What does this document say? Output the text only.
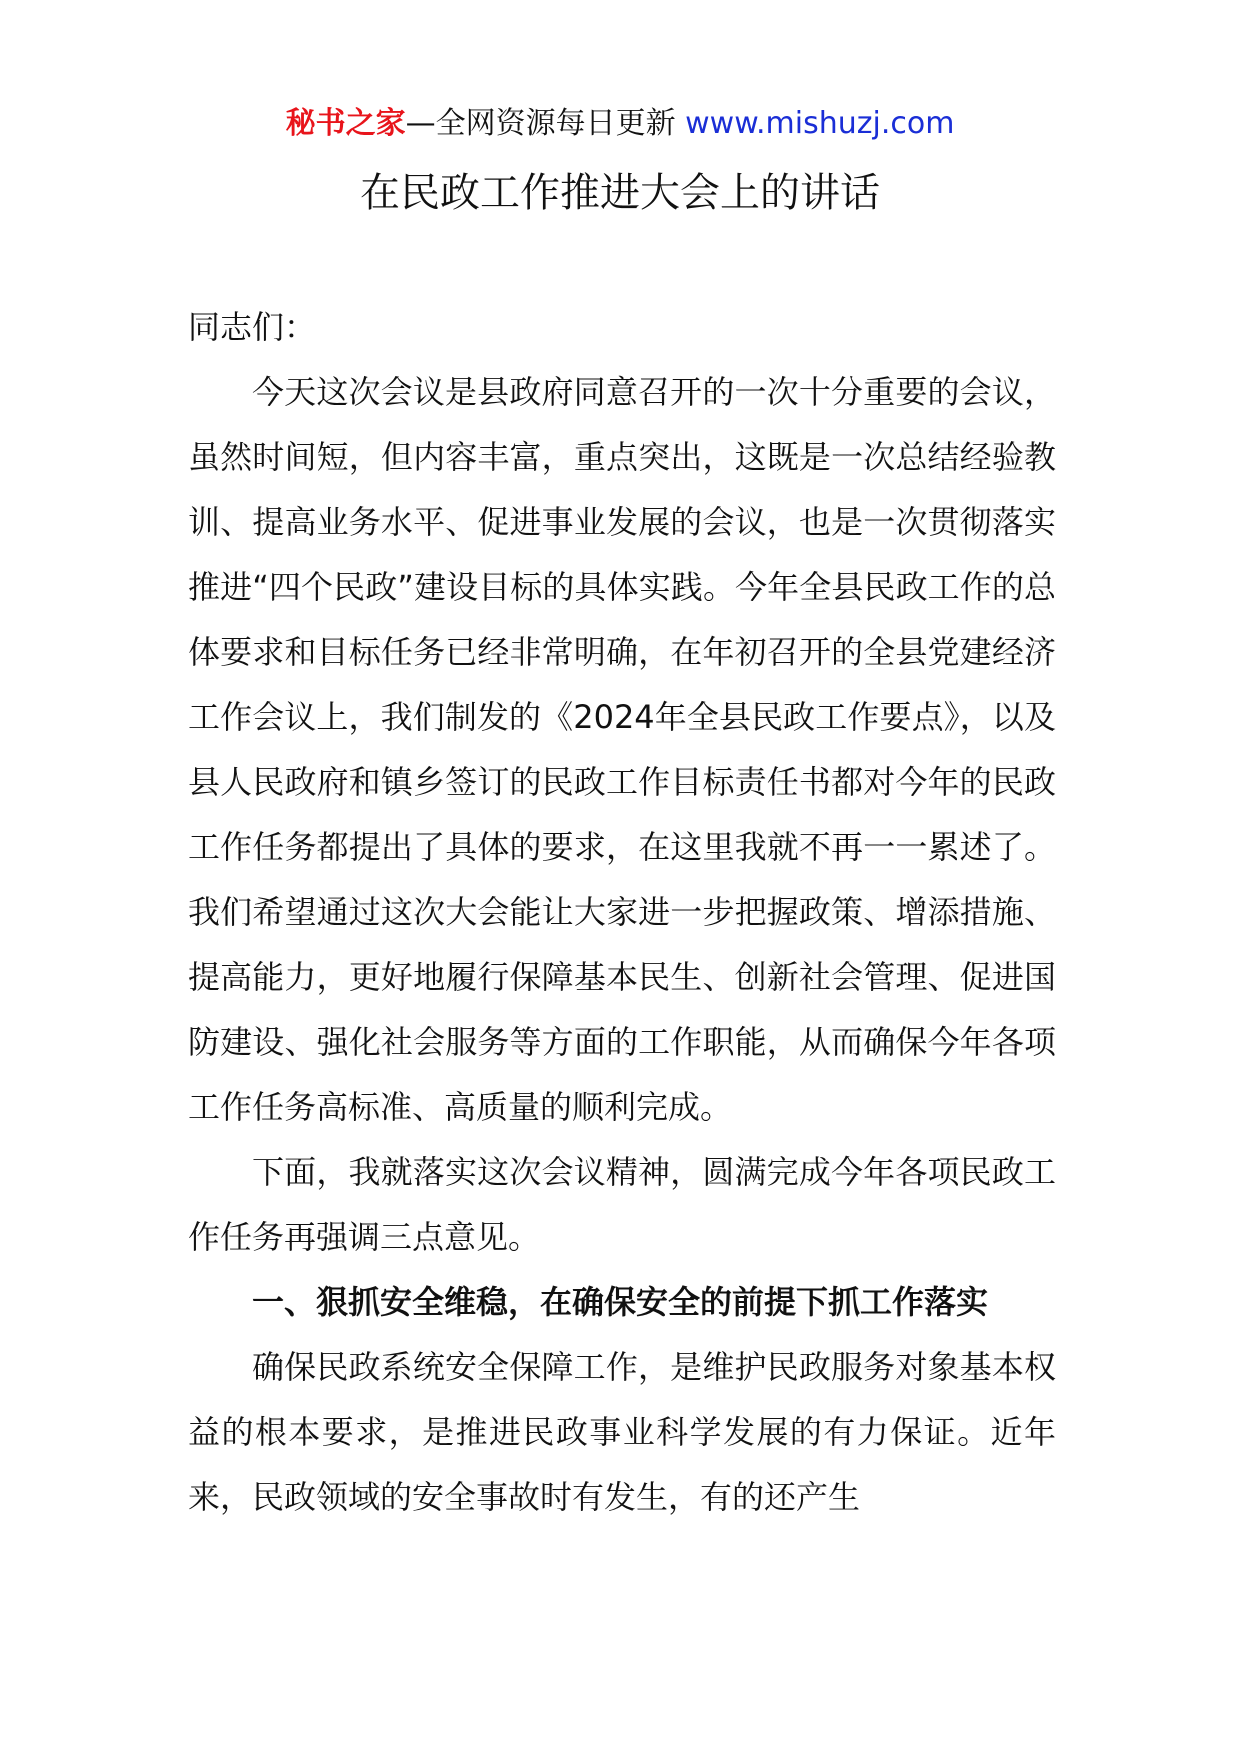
秘书之家—全网资源每日更新 www.mishuzj.com
在民政工作推进大会上的讲话

同志们：

今天这次会议是县政府同意召开的一次十分重要的会议，虽然时间短，但内容丰富，重点突出，这既是一次总结经验教训、提高业务水平、促进事业发展的会议，也是一次贯彻落实推进“四个民政”建设目标的具体实践。今年全县民政工作的总体要求和目标任务已经非常明确，在年初召开的全县党建经济工作会议上，我们制发的《2024年全县民政工作要点》，以及县人民政府和镇乡签订的民政工作目标责任书都对今年的民政工作任务都提出了具体的要求，在这里我就不再一一累述了。我们希望通过这次大会能让大家进一步把握政策、增添措施、提高能力，更好地履行保障基本民生、创新社会管理、促进国防建设、强化社会服务等方面的工作职能，从而确保今年各项工作任务高标准、高质量的顺利完成。

下面，我就落实这次会议精神，圆满完成今年各项民政工作任务再强调三点意见。

一、狠抓安全维稳，在确保安全的前提下抓工作落实

确保民政系统安全保障工作，是维护民政服务对象基本权益的根本要求，是推进民政事业科学发展的有力保证。近年来，民政领域的安全事故时有发生，有的还产生
